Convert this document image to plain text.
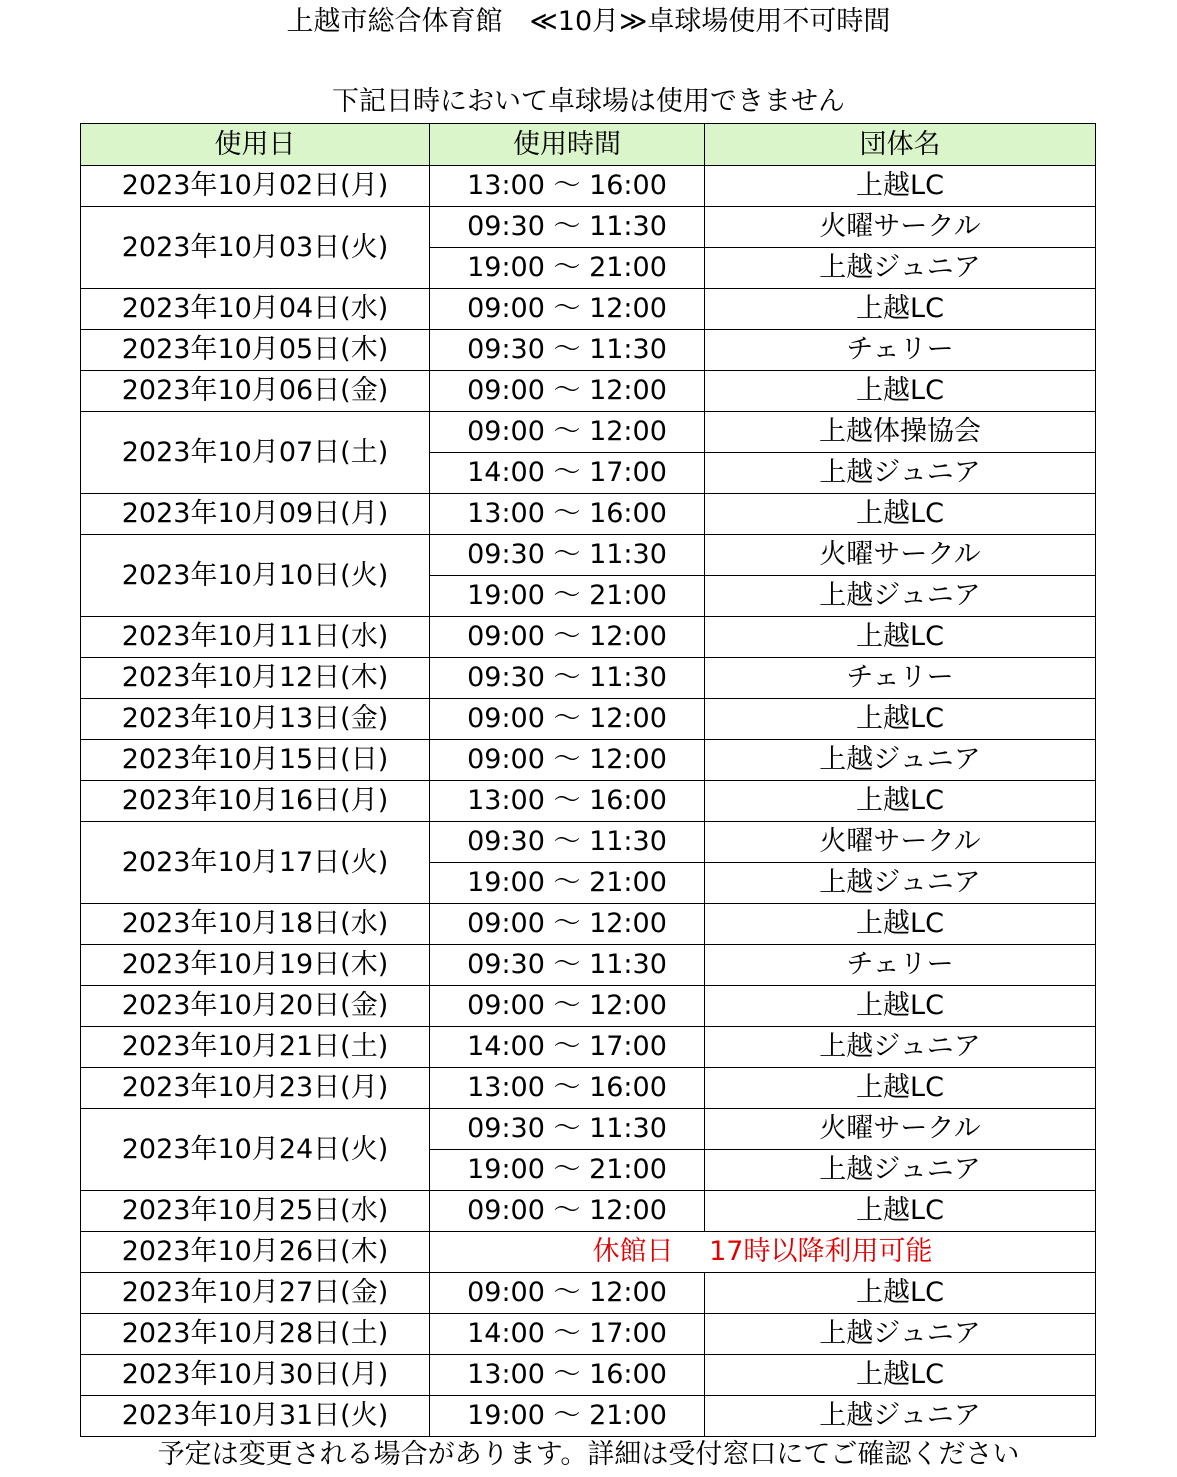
上越市総合体育館　≪10月≫卓球場使用不可時間
下記日時において卓球場は使用できません
使用日	使用時間	団体名
2023年10月02日(月)	13:00 ～ 16:00	上越LC
2023年10月03日(火)	09:30 ～ 11:30	火曜サークル
	19:00 ～ 21:00	上越ジュニア
2023年10月04日(水)	09:00 ～ 12:00	上越LC
2023年10月05日(木)	09:30 ～ 11:30	チェリー
2023年10月06日(金)	09:00 ～ 12:00	上越LC
2023年10月07日(土)	09:00 ～ 12:00	上越体操協会
	14:00 ～ 17:00	上越ジュニア
2023年10月09日(月)	13:00 ～ 16:00	上越LC
2023年10月10日(火)	09:30 ～ 11:30	火曜サークル
	19:00 ～ 21:00	上越ジュニア
2023年10月11日(水)	09:00 ～ 12:00	上越LC
2023年10月12日(木)	09:30 ～ 11:30	チェリー
2023年10月13日(金)	09:00 ～ 12:00	上越LC
2023年10月15日(日)	09:00 ～ 12:00	上越ジュニア
2023年10月16日(月)	13:00 ～ 16:00	上越LC
2023年10月17日(火)	09:30 ～ 11:30	火曜サークル
	19:00 ～ 21:00	上越ジュニア
2023年10月18日(水)	09:00 ～ 12:00	上越LC
2023年10月19日(木)	09:30 ～ 11:30	チェリー
2023年10月20日(金)	09:00 ～ 12:00	上越LC
2023年10月21日(土)	14:00 ～ 17:00	上越ジュニア
2023年10月23日(月)	13:00 ～ 16:00	上越LC
2023年10月24日(火)	09:30 ～ 11:30	火曜サークル
	19:00 ～ 21:00	上越ジュニア
2023年10月25日(水)	09:00 ～ 12:00	上越LC
2023年10月26日(木)	休館日　 17時以降利用可能	
2023年10月27日(金)	09:00 ～ 12:00	上越LC
2023年10月28日(土)	14:00 ～ 17:00	上越ジュニア
2023年10月30日(月)	13:00 ～ 16:00	上越LC
2023年10月31日(火)	19:00 ～ 21:00	上越ジュニア
予定は変更される場合があります。詳細は受付窓口にてご確認ください
